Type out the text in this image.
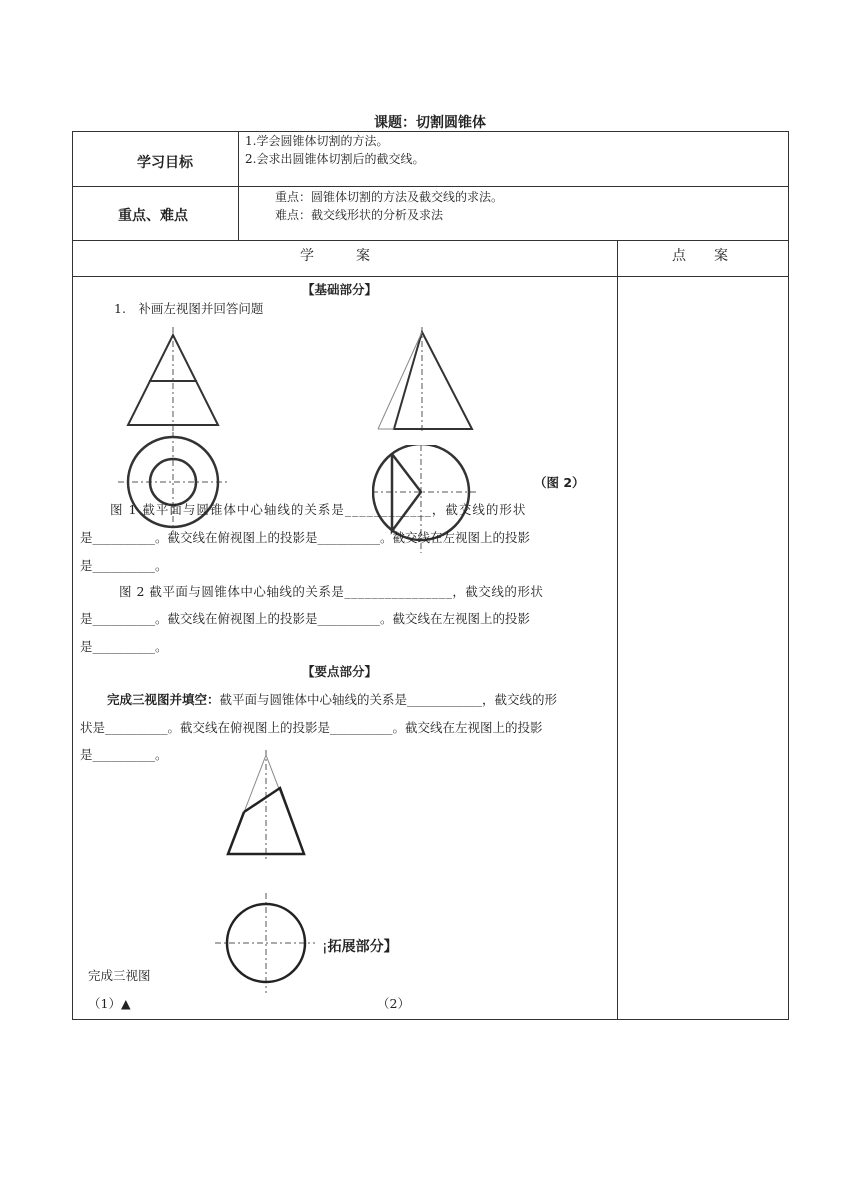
课题：切割圆锥体
学习目标
1.学会圆锥体切割的方法。
2.会求出圆锥体切割后的截交线。
重点、难点
重点：圆锥体切割的方法及截交线的求法。
难点：截交线形状的分析及求法
学　　　案	点　　案
【基础部分】
1.　补画左视图并回答问题
（图 2）
图 1 截平面与圆锥体中心轴线的关系是____________，截交线的形状
是__________。截交线在俯视图上的投影是__________。截交线在左视图上的投影
是__________。
图 2 截平面与圆锥体中心轴线的关系是________________，截交线的形状
是__________。截交线在俯视图上的投影是__________。截交线在左视图上的投影
是__________。
【要点部分】
完成三视图并填空：截平面与圆锥体中心轴线的关系是____________，截交线的形
状是__________。截交线在俯视图上的投影是__________。截交线在左视图上的投影
是__________。
¡拓展部分】
完成三视图
（1）▲	（2）
